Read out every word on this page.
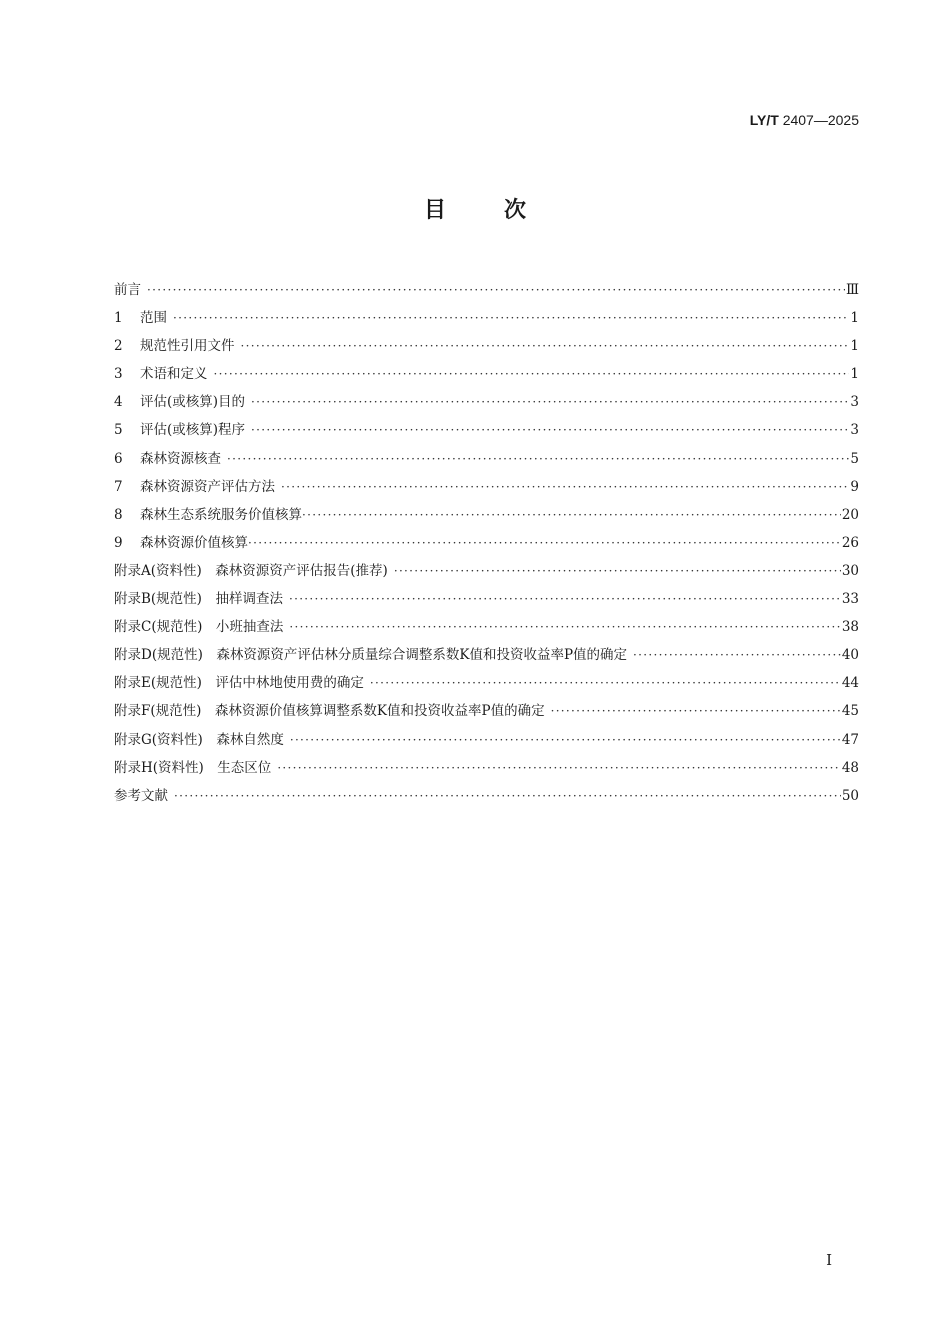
LY/T 2407—2025
目次
前言 ·····	Ⅲ
1 范围 ·····	1
2 规范性引用文件 ·····	1
3 术语和定义 ·····	1
4 评估(或核算)目的 ·····	3
5 评估(或核算)程序 ·····	3
6 森林资源核查 ·····	5
7 森林资源资产评估方法 ·····	9
8 森林生态系统服务价值核算 ·····	20
9 森林资源价值核算 ·····	26
附录A(资料性)　森林资源资产评估报告(推荐) ·····	30
附录B(规范性)　抽样调查法 ·····	33
附录C(规范性)　小班抽查法 ·····	38
附录D(规范性)　森林资源资产评估林分质量综合调整系数K值和投资收益率P值的确定 ·····	40
附录E(规范性)　评估中林地使用费的确定 ·····	44
附录F(规范性)　森林资源价值核算调整系数K值和投资收益率P值的确定 ·····	45
附录G(资料性)　森林自然度 ·····	47
附录H(资料性)　生态区位 ·····	48
参考文献 ·····	50
I
